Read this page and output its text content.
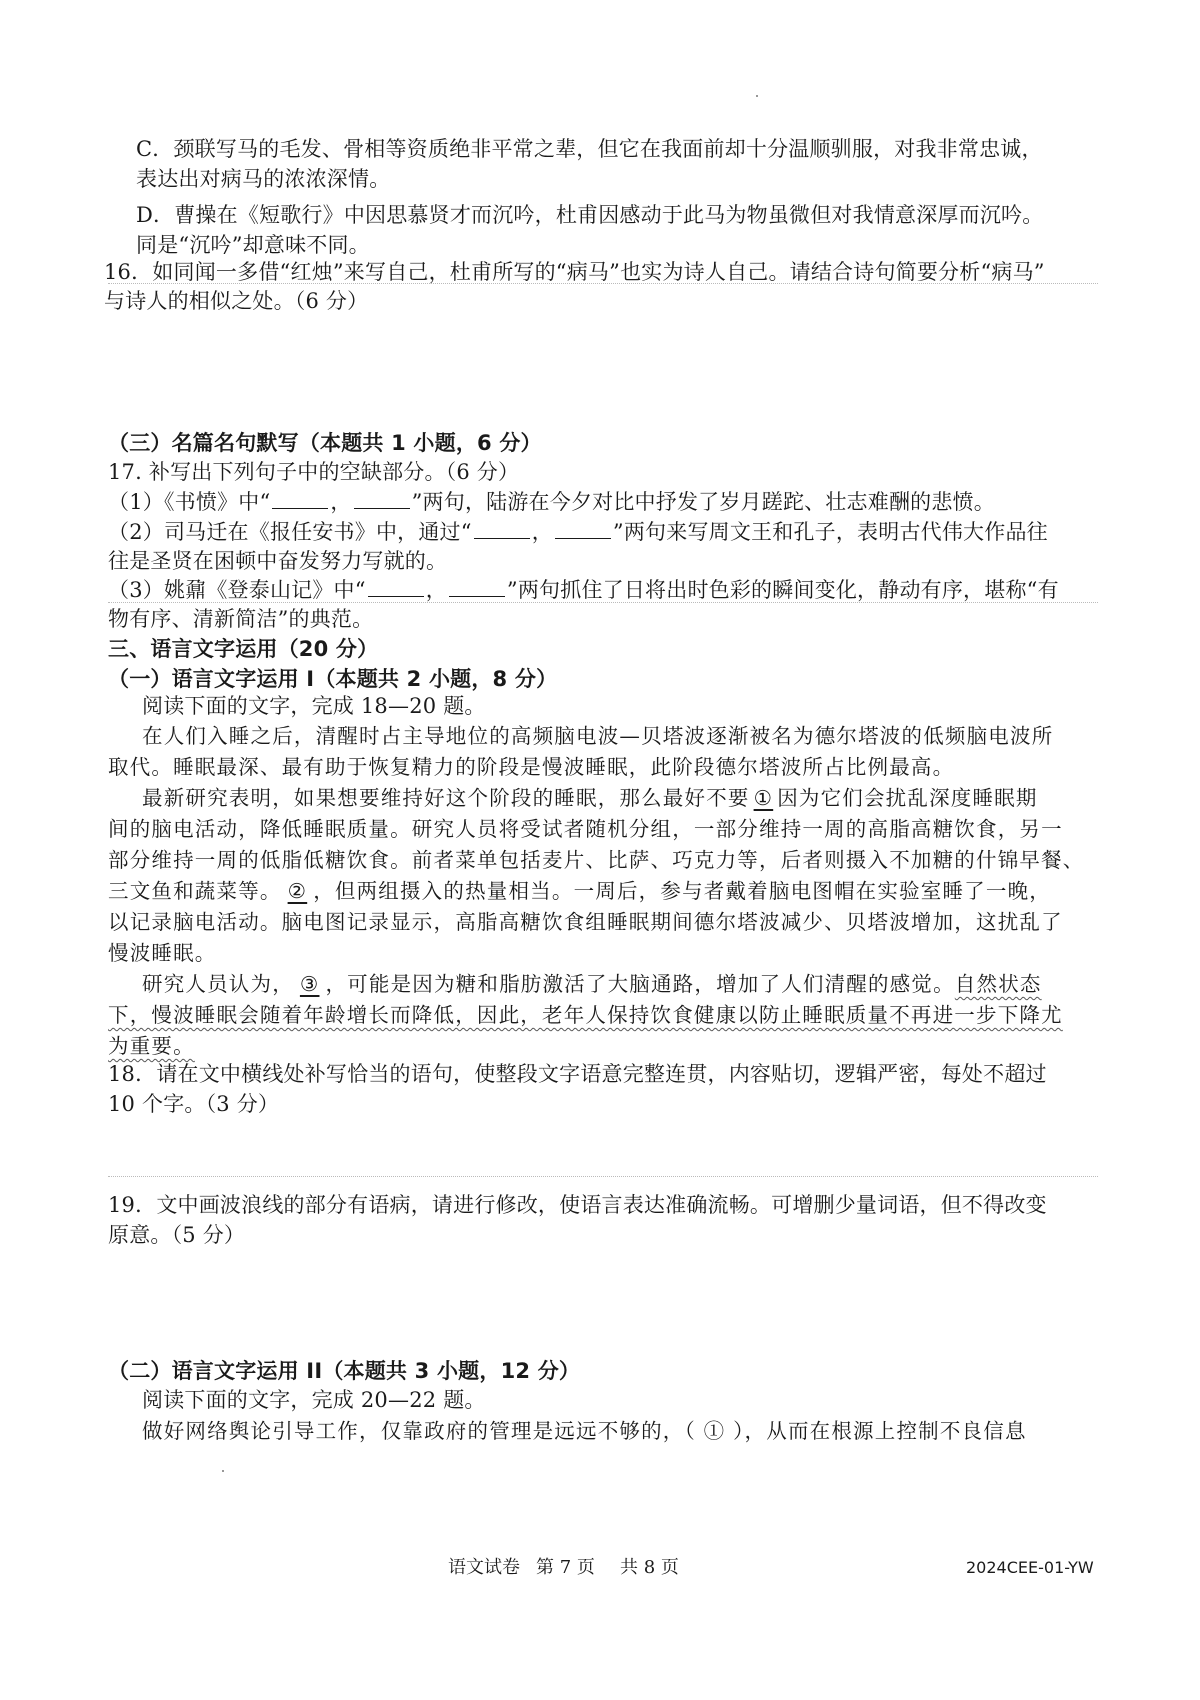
C．颈联写马的毛发、骨相等资质绝非平常之辈，但它在我面前却十分温顺驯服，对我非常忠诚，
表达出对病马的浓浓深情。
D．曹操在《短歌行》中因思慕贤才而沉吟，杜甫因感动于此马为物虽微但对我情意深厚而沉吟。
同是“沉吟”却意味不同。
16．如同闻一多借“红烛”来写自己，杜甫所写的“病马”也实为诗人自己。请结合诗句简要分析“病马”
与诗人的相似之处。（6 分）
（三）名篇名句默写（本题共 1 小题，6 分）
17. 补写出下列句子中的空缺部分。（6 分）
（1）《书愤》中“	，	”两句，陆游在今夕对比中抒发了岁月蹉跎、壮志难酬的悲愤。
（2）司马迁在《报任安书》中，通过“	，	”两句来写周文王和孔子，表明古代伟大作品往
往是圣贤在困顿中奋发努力写就的。
（3）姚鼐《登泰山记》中“	，	”两句抓住了日将出时色彩的瞬间变化，静动有序，堪称“有
物有序、清新简洁”的典范。
三、语言文字运用（20 分）
（一）语言文字运用 I（本题共 2 小题，8 分）
阅读下面的文字，完成 18—20 题。
在人们入睡之后，清醒时占主导地位的高频脑电波—贝塔波逐渐被名为德尔塔波的低频脑电波所
取代。睡眠最深、最有助于恢复精力的阶段是慢波睡眠，此阶段德尔塔波所占比例最高。
最新研究表明，如果想要维持好这个阶段的睡眠，那么最好不要 ① 因为它们会扰乱深度睡眠期
间的脑电活动，降低睡眠质量。研究人员将受试者随机分组，一部分维持一周的高脂高糖饮食，另一
部分维持一周的低脂低糖饮食。前者菜单包括麦片、比萨、巧克力等，后者则摄入不加糖的什锦早餐、
三文鱼和蔬菜等。 ② ，但两组摄入的热量相当。一周后，参与者戴着脑电图帽在实验室睡了一晚，
以记录脑电活动。脑电图记录显示，高脂高糖饮食组睡眠期间德尔塔波减少、贝塔波增加，这扰乱了
慢波睡眠。
研究人员认为， ③ ，可能是因为糖和脂肪激活了大脑通路，增加了人们清醒的感觉。自然状态
下，慢波睡眠会随着年龄增长而降低，因此，老年人保持饮食健康以防止睡眠质量不再进一步下降尤
为重要。
18．请在文中横线处补写恰当的语句，使整段文字语意完整连贯，内容贴切，逻辑严密，每处不超过
10 个字。（3 分）
19．文中画波浪线的部分有语病，请进行修改，使语言表达准确流畅。可增删少量词语，但不得改变
原意。（5 分）
（二）语言文字运用 II（本题共 3 小题，12 分）
阅读下面的文字，完成 20—22 题。
做好网络舆论引导工作，仅靠政府的管理是远远不够的，（ ① ），从而在根源上控制不良信息
语文试卷 第 7 页 共 8 页	2024CEE-01-YW
